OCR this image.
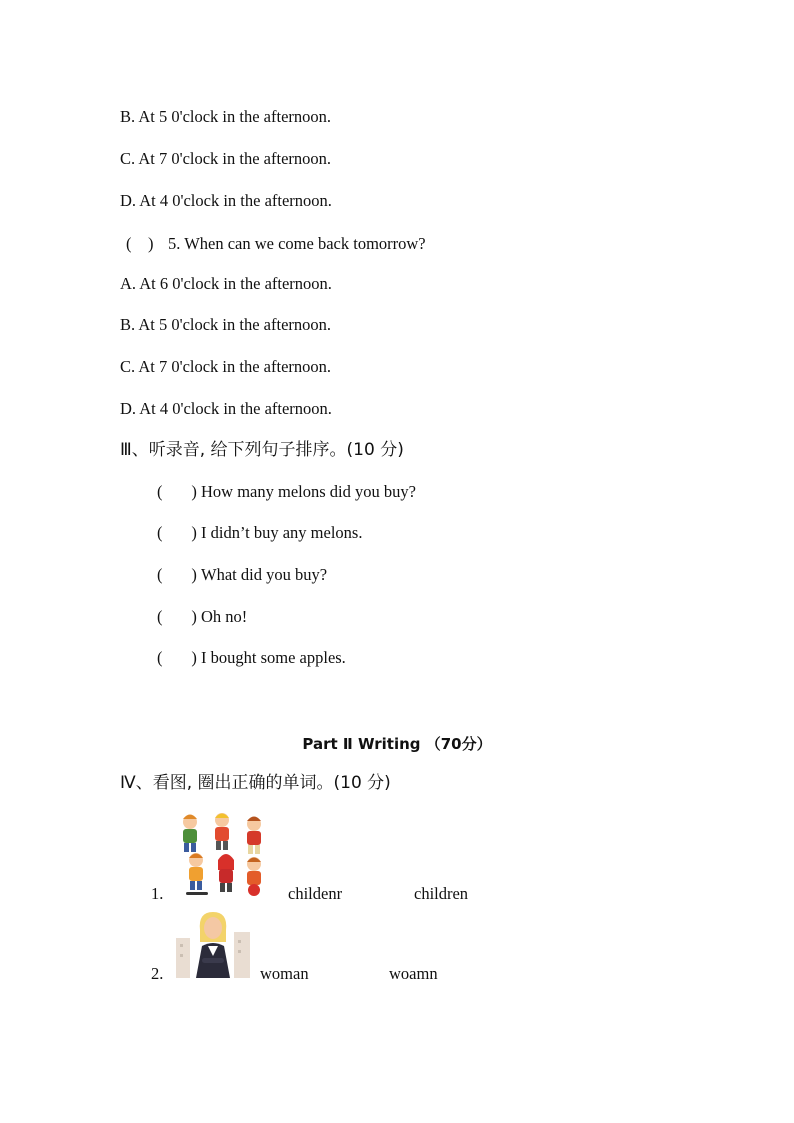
B. At 5 0'clock in the afternoon.
C. At 7 0'clock in the afternoon.
D. At 4 0'clock in the afternoon.
(    ) 5. When can we come back tomorrow?
A. At 6 0'clock in the afternoon.
B. At 5 0'clock in the afternoon.
C. At 7 0'clock in the afternoon.
D. At 4 0'clock in the afternoon.
Ⅲ、听录音, 给下列句子排序。(10 分)
(       ) How many melons did you buy?
(       ) I didn’t buy any melons.
(       ) What did you buy?
(       ) Oh no!
(       ) I bought some apples.
Part Ⅱ Writing （70分）
Ⅳ、看图, 圈出正确的单词。(10 分)
1.	childenr	children
2.	woman	woamn
